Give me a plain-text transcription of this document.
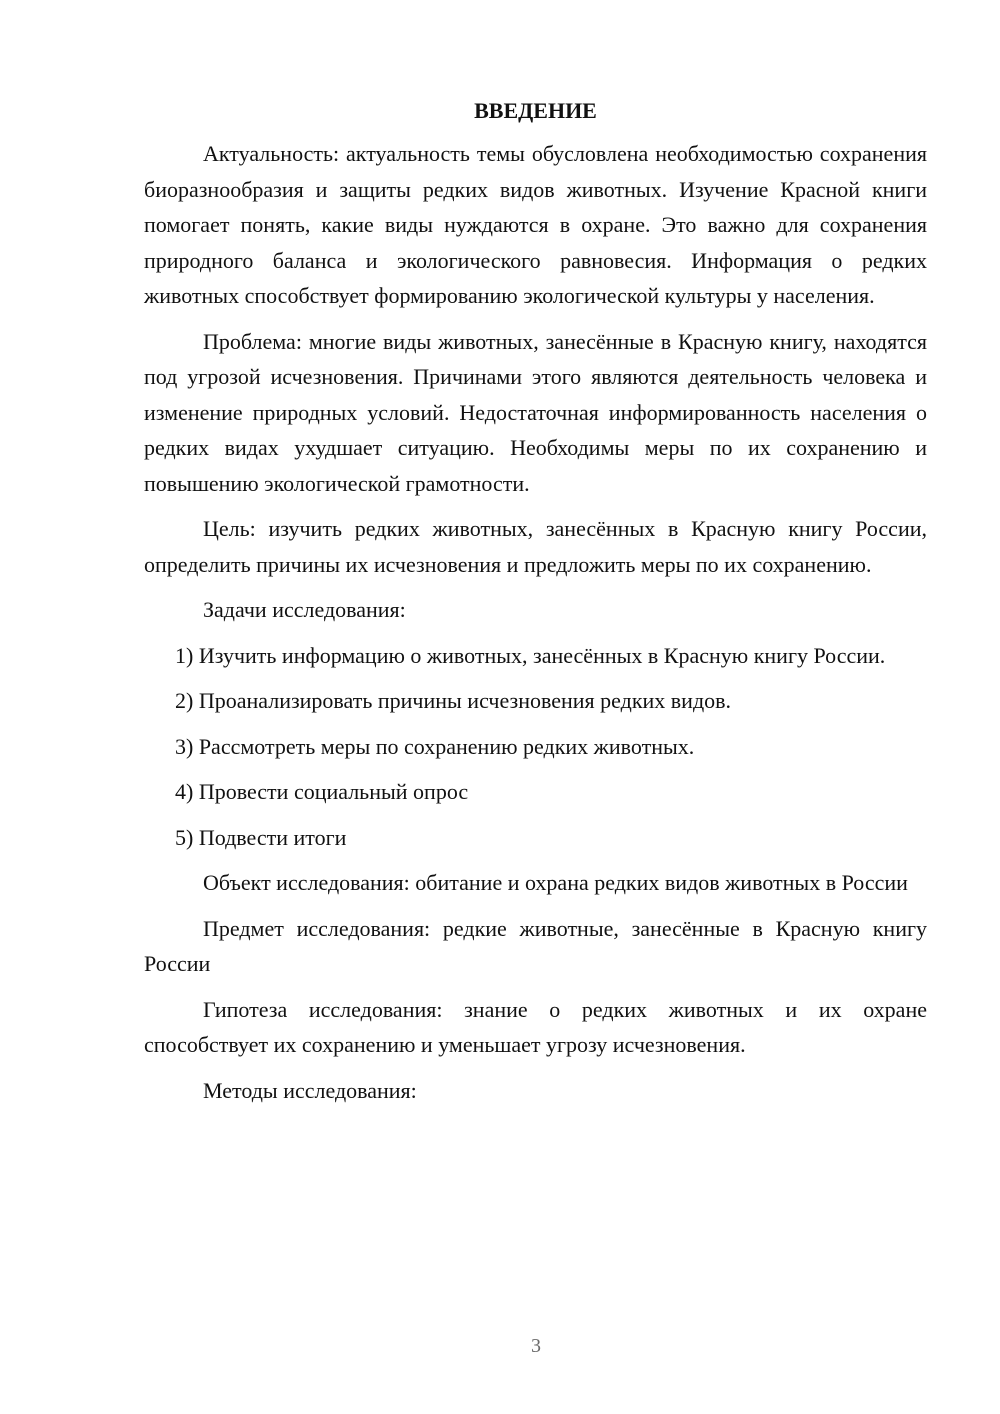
ВВЕДЕНИЕ

Актуальность: актуальность темы обусловлена необходимостью сохранения биоразнообразия и защиты редких видов животных. Изучение Красной книги помогает понять, какие виды нуждаются в охране. Это важно для сохранения природного баланса и экологического равновесия. Информация о редких животных способствует формированию экологической культуры у населения.

Проблема: многие виды животных, занесённые в Красную книгу, находятся под угрозой исчезновения. Причинами этого являются деятельность человека и изменение природных условий. Недостаточная информированность населения о редких видах ухудшает ситуацию. Необходимы меры по их сохранению и повышению экологической грамотности.

Цель: изучить редких животных, занесённых в Красную книгу России, определить причины их исчезновения и предложить меры по их сохранению.

Задачи исследования:

1) Изучить информацию о животных, занесённых в Красную книгу России.

2) Проанализировать причины исчезновения редких видов.

3) Рассмотреть меры по сохранению редких животных.

4) Провести социальный опрос

5) Подвести итоги

Объект исследования: обитание и охрана редких видов животных в России

Предмет исследования: редкие животные, занесённые в Красную книгу России

Гипотеза исследования: знание о редких животных и их охране способствует их сохранению и уменьшает угрозу исчезновения.

Методы исследования:

3
